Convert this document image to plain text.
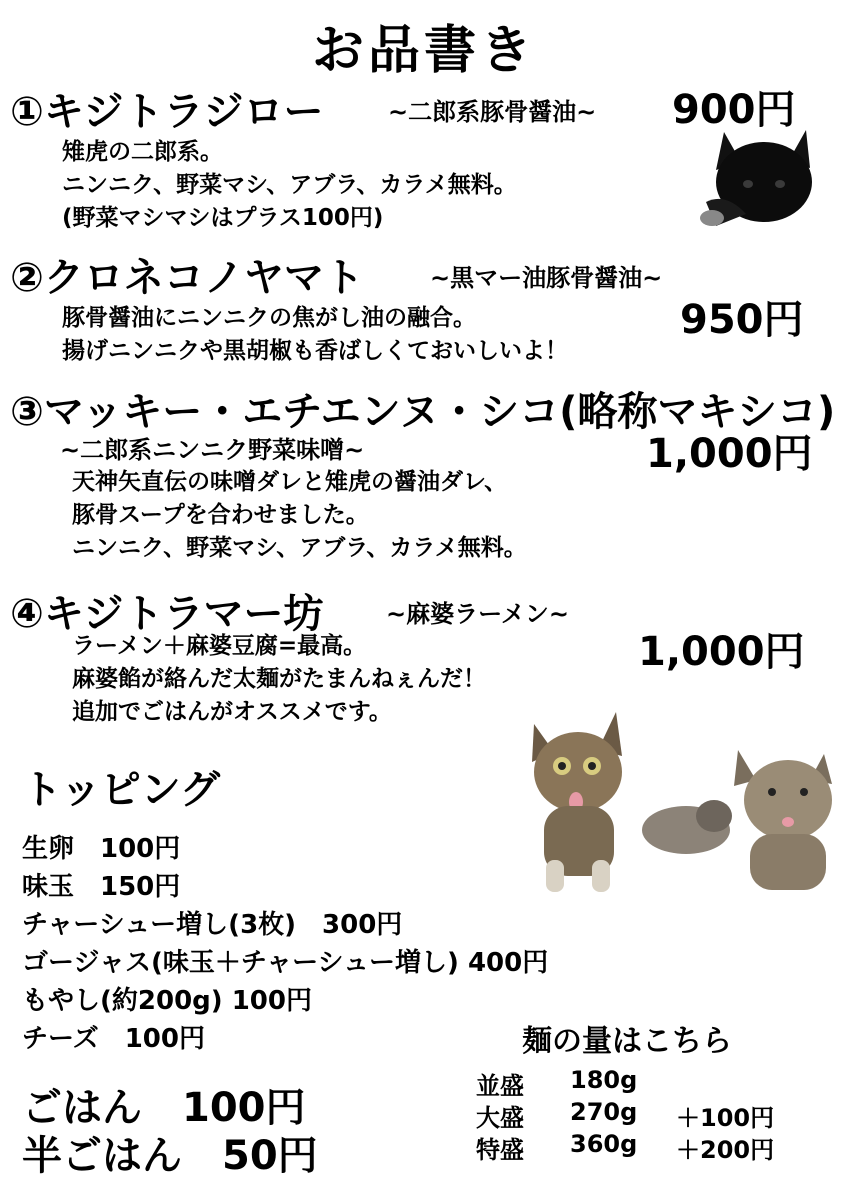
お品書き
①キジトラジロー	~二郎系豚骨醤油~ 900円
雉虎の二郎系。
ニンニク、野菜マシ、アブラ、カラメ無料。
(野菜マシマシはプラス100円)
②クロネコノヤマト	~黒マー油豚骨醤油~
950円
豚骨醤油にニンニクの焦がし油の融合。
揚げニンニクや黒胡椒も香ばしくておいしいよ！
③マッキー・エチエンヌ・シコ(略称マキシコ)
~二郎系ニンニク野菜味噌~	1,000円
天神矢直伝の味噌ダレと雉虎の醤油ダレ、
豚骨スープを合わせました。
ニンニク、野菜マシ、アブラ、カラメ無料。
④キジトラマー坊	~麻婆ラーメン~
1,000円
ラーメン＋麻婆豆腐=最高。
麻婆餡が絡んだ太麺がたまんねぇんだ！
追加でごはんがオススメです。
トッピング
生卵　100円
味玉　150円
チャーシュー増し(3枚)　300円
ゴージャス(味玉＋チャーシュー増し) 400円
もやし(約200g) 100円
チーズ　100円
ごはん　100円
半ごはん　50円
麺の量はこちら
並盛 180g
大盛 270g ＋100円
特盛 360g ＋200円
